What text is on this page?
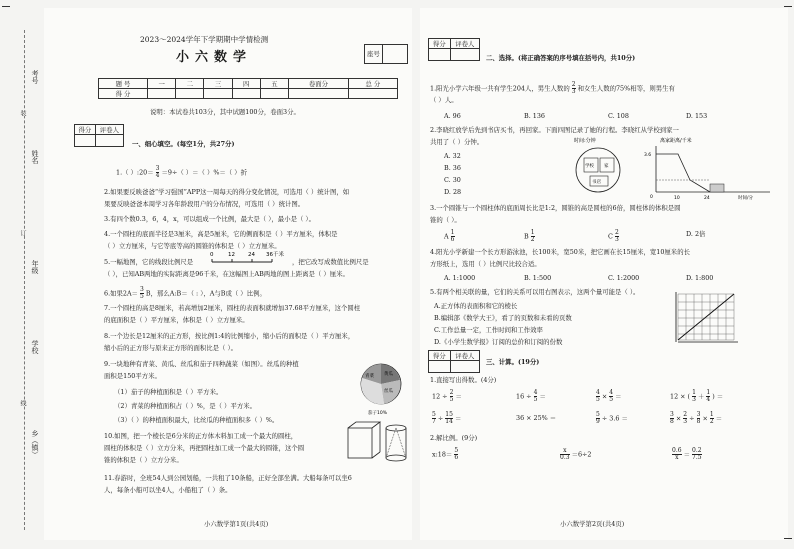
考号
姓名
年级
学校
乡（镇）
装
订
线
2023～2024学年下学期期中学情检测
小六数学	座号
题 号	一	二	三	四	五	卷面分	总 分
得 分							
说明：本试卷共103分，其中试题100分，卷面3分。
得分	评卷人

一、细心填空。(每空1分，共27分)
1.（ ）:20＝ $\frac{3}{4} =9\div$（ ）＝（ ）%＝（ ）折
2.如果要反映爸爸“学习强国”APP这一周每天的得分变化情况，可选用（ ）统计图，如
果要反映爸爸本周学习各年龄段用户的分布情况，可选用（ ）统计图。
3.有四个数0.3，6，4，x，可以组成一个比例，最大是（ ），最小是（ ）。
4.一个圆柱的底面半径是3厘米，高是5厘米，它的侧面积是（ ）平方厘米，体积是
（ ）立方厘米，与它等底等高的圆锥的体积是（ ）立方厘米。
5.一幅地图，它的线段比例尺是
0	12 24 36千米
，把它改写成数值比例尺是
（ ），已知AB两地的实际距离是96千米，在这幅图上AB两地的图上距离是（ ）厘米。
6.如果$2A= \frac{3}{5}$ B，那么A:B＝（ : ），A与B成（ ）比例。
7.一个圆柱的高是8厘米，若高增加2厘米，圆柱的表面积就增加37.68平方厘米，这个圆柱
的底面积是（ ）平方厘米，体积是（ ）立方厘米。
8.一个边长是12厘米的正方形，按比例1:4的比例缩小，缩小后的面积是（ ）平方厘米，
缩小后的正方形与原来正方形的面积比是（ ）。
9.一块地种有青菜、黄瓜、丝瓜和茄子四种蔬菜（如图）。丝瓜的种植
面积是150平方米。
（1）茄子的种植面积是（ ）平方米。
（2）青菜的种植面积占（ ）%，是（ ）平方米。
（3）（ ）的种植面积最大，比丝瓜的种植面积多（ ）%。
青菜 黄瓜
丝瓜
茄子10%
10.如图，把一个棱长是6分米的正方体木料加工成一个最大的圆柱，
圆柱的体积是（ ）立方分米，再把圆柱加工成一个最大的圆锥，这个圆
锥的体积是（ ）立方分米。
11.春游时，全班54人到公园划船，一共租了10条船，正好全部坐满。大船每条可以坐6
人，每条小船可以坐4人，小船租了（ ）条。
小六数学第1页(共4页)
得分	评卷人

二、选择。(将正确答案的序号填在括号内，共10分)
1.阳光小学六年级一共有学生204人，男生人数的 $\frac{2}{3}$ 和女生人数的75%相等，则男生有
（ ）人。
A. 96	B. 136	C. 108	D. 153
2.李晓红放学后先到书店买书，再回家。下面四图记录了她的行程。李晓红从学校到家一
共用了（ ）分钟。
A. 32
B. 36
C. 30
D. 28
时间:分钟
学校 家
书店
离家距离/千米
3.6
0	10	24	时间/分
3.一个圆锥与一个圆柱体的底面周长比是1:2，圆锥的高是圆柱的6倍，圆柱体的体积是圆
锥的（ ）。
A $\frac{1}{6}$	B $\frac{1}{2}$	C $\frac{2}{3}$	D. 2倍
4.阳光小学新建一个长方形游泳池，长100米，宽50米，把它画在长15厘米，宽10厘米的长
方形纸上，选用（ ）比例尺比较合适。
A. 1:1000	B. 1:500	C. 1:2000	D. 1:800
5.有两个相关联的量，它们的关系可以用右图表示，这两个量可能是（ ）。
A.正方体的表面积和它的棱长
B.编辑部《数学大王》，看了的页数和未看的页数
C.工作总量一定，工作时间和工作效率
D.《小学生数学报》订阅的总价和订阅的份数
得分	评卷人

三、计算。(19分)
1.直接写出得数。(4分)
$12 \div \frac{2}{5}$ ＝	$16 \div \frac{4}{5}$ ＝	$\frac{4}{5} \times \frac{4}{5}$ ＝	12 × ( $\frac{1}{3} + \frac{1}{4}$ ) ＝
$\frac{5}{7} \div \frac{15}{14}$ ＝	36 × 25% ＝	$\frac{5}{9} \div 3.6$ ＝	$\frac{3}{8} \times \frac{2}{3} \div \frac{3}{8} \times \frac{1}{2}$ ＝
2.解比例。(9分)
x:18＝ $\frac{5}{6}$	$\frac{x}{0.3} =6\div 2$	$\frac{0.6}{x} = \frac{0.2}{7.5}$
小六数学第2页(共4页)
